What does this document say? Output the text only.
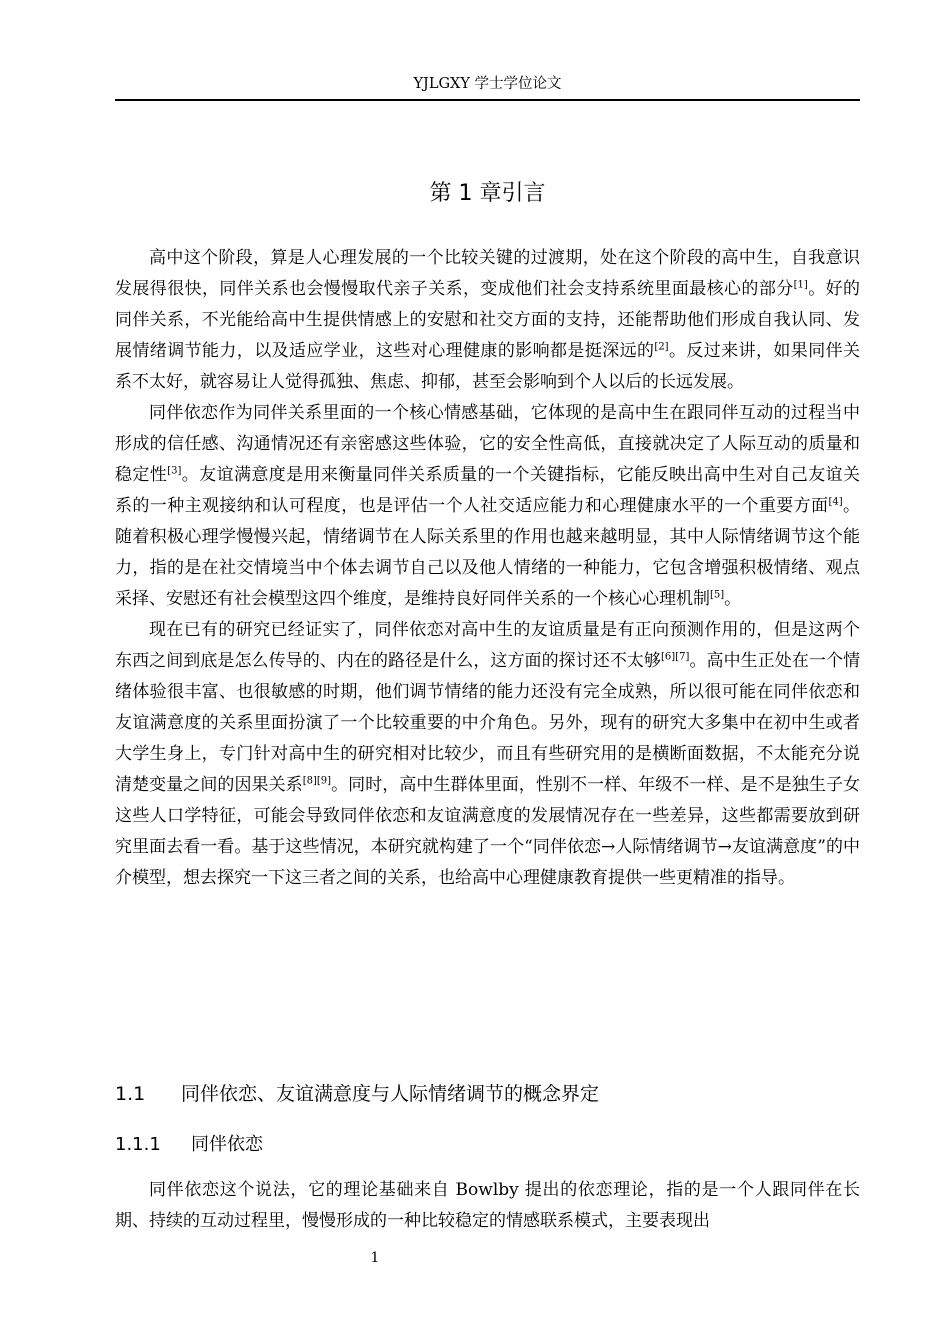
YJLGXY 学士学位论文
第 1 章引言

高中这个阶段，算是人心理发展的一个比较关键的过渡期，处在这个阶段的高中生，自我意识发展得很快，同伴关系也会慢慢取代亲子关系，变成他们社会支持系统里面最核心的部分[1]。好的同伴关系，不光能给高中生提供情感上的安慰和社交方面的支持，还能帮助他们形成自我认同、发展情绪调节能力，以及适应学业，这些对心理健康的影响都是挺深远的[2]。反过来讲，如果同伴关系不太好，就容易让人觉得孤独、焦虑、抑郁，甚至会影响到个人以后的长远发展。

同伴依恋作为同伴关系里面的一个核心情感基础，它体现的是高中生在跟同伴互动的过程当中形成的信任感、沟通情况还有亲密感这些体验，它的安全性高低，直接就决定了人际互动的质量和稳定性[3]。友谊满意度是用来衡量同伴关系质量的一个关键指标，它能反映出高中生对自己友谊关系的一种主观接纳和认可程度，也是评估一个人社交适应能力和心理健康水平的一个重要方面[4]。随着积极心理学慢慢兴起，情绪调节在人际关系里的作用也越来越明显，其中人际情绪调节这个能力，指的是在社交情境当中个体去调节自己以及他人情绪的一种能力，它包含增强积极情绪、观点采择、安慰还有社会模型这四个维度，是维持良好同伴关系的一个核心心理机制[5]。

现在已有的研究已经证实了，同伴依恋对高中生的友谊质量是有正向预测作用的，但是这两个东西之间到底是怎么传导的、内在的路径是什么，这方面的探讨还不太够[6][7]。高中生正处在一个情绪体验很丰富、也很敏感的时期，他们调节情绪的能力还没有完全成熟，所以很可能在同伴依恋和友谊满意度的关系里面扮演了一个比较重要的中介角色。另外，现有的研究大多集中在初中生或者大学生身上，专门针对高中生的研究相对比较少，而且有些研究用的是横断面数据，不太能充分说清楚变量之间的因果关系[8][9]。同时，高中生群体里面，性别不一样、年级不一样、是不是独生子女这些人口学特征，可能会导致同伴依恋和友谊满意度的发展情况存在一些差异，这些都需要放到研究里面去看一看。基于这些情况，本研究就构建了一个“同伴依恋→人际情绪调节→友谊满意度”的中介模型，想去探究一下这三者之间的关系，也给高中心理健康教育提供一些更精准的指导。

1.1 同伴依恋、友谊满意度与人际情绪调节的概念界定
1.1.1 同伴依恋

同伴依恋这个说法，它的理论基础来自 Bowlby 提出的依恋理论，指的是一个人跟同伴在长期、持续的互动过程里，慢慢形成的一种比较稳定的情感联系模式，主要表现出

1
